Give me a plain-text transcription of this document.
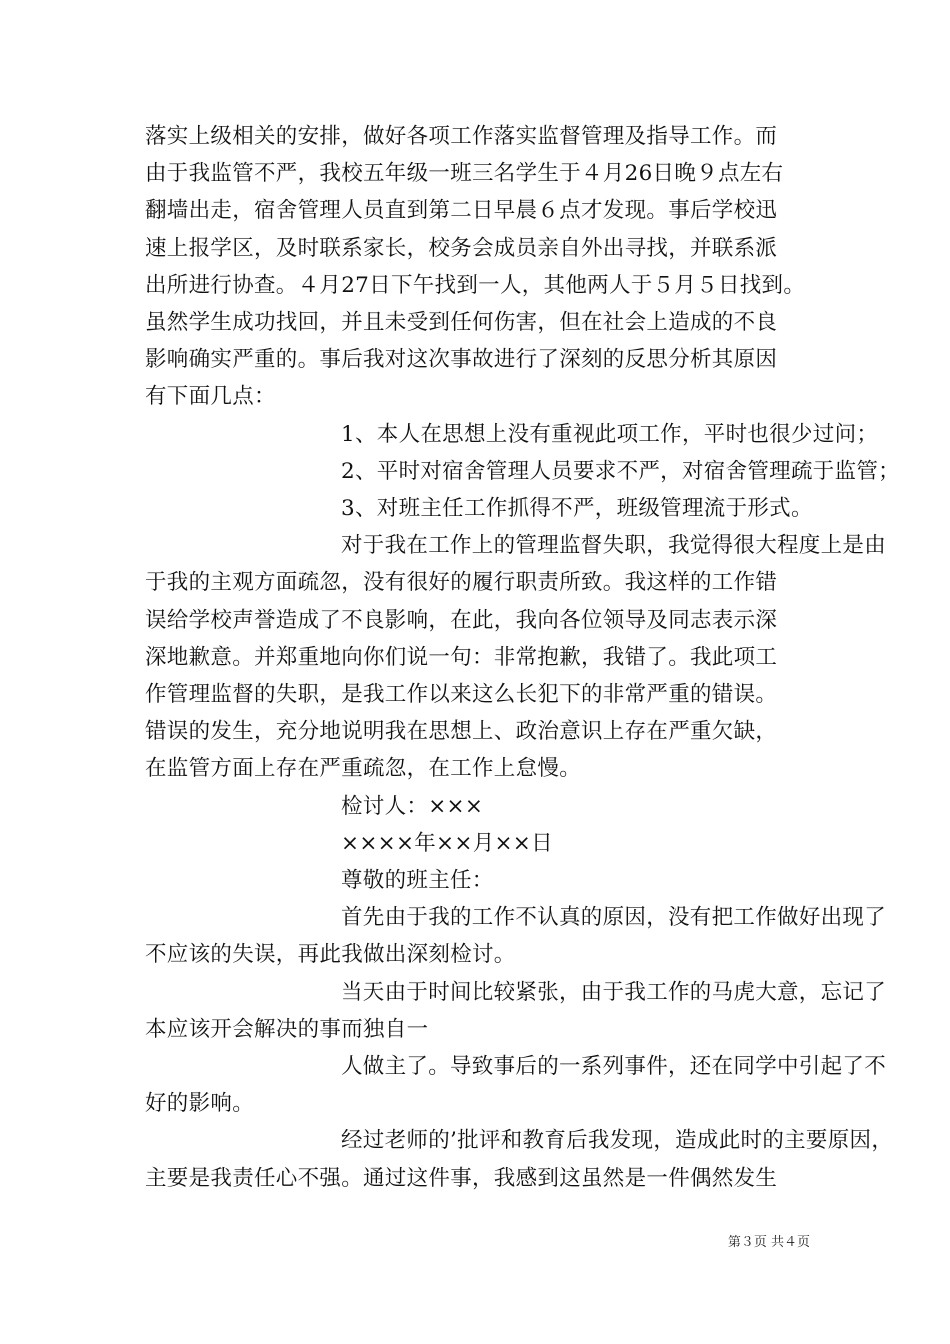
落实上级相关的安排，做好各项工作落实监督管理及指导工作。而
由于我监管不严，我校五年级一班三名学生于４月26日晚９点左右
翻墙出走，宿舍管理人员直到第二日早晨６点才发现。事后学校迅
速上报学区，及时联系家长，校务会成员亲自外出寻找，并联系派
出所进行协查。４月27日下午找到一人，其他两人于５月５日找到。
虽然学生成功找回，并且未受到任何伤害，但在社会上造成的不良
影响确实严重的。事后我对这次事故进行了深刻的反思分析其原因
有下面几点：
1、本人在思想上没有重视此项工作，平时也很少过问；
2、平时对宿舍管理人员要求不严，对宿舍管理疏于监管；
3、对班主任工作抓得不严，班级管理流于形式。
对于我在工作上的管理监督失职，我觉得很大程度上是由
于我的主观方面疏忽，没有很好的履行职责所致。我这样的工作错
误给学校声誉造成了不良影响，在此，我向各位领导及同志表示深
深地歉意。并郑重地向你们说一句：非常抱歉，我错了。我此项工
作管理监督的失职，是我工作以来这么长犯下的非常严重的错误。
错误的发生，充分地说明我在思想上、政治意识上存在严重欠缺，
在监管方面上存在严重疏忽，在工作上怠慢。
检讨人：×××
××××年××月××日
尊敬的班主任：
首先由于我的工作不认真的原因，没有把工作做好出现了
不应该的失误，再此我做出深刻检讨。
当天由于时间比较紧张，由于我工作的马虎大意，忘记了
本应该开会解决的事而独自一
人做主了。导致事后的一系列事件，还在同学中引起了不
好的影响。
经过老师的’批评和教育后我发现，造成此时的主要原因，
主要是我责任心不强。通过这件事，我感到这虽然是一件偶然发生
第３页 共４页
